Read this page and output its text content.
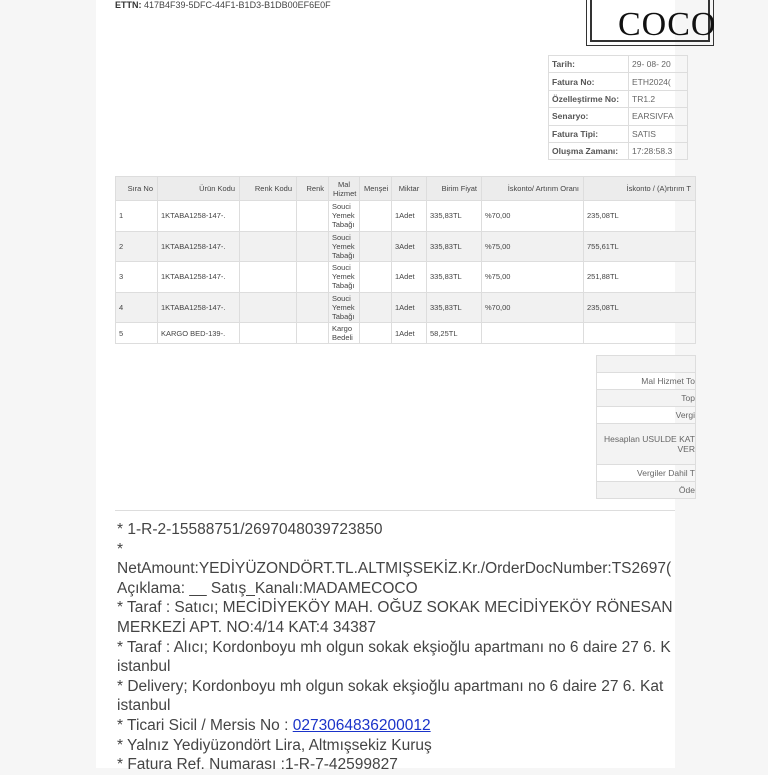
ETTN: 417B4F39-5DFC-44F1-B1D3-B1DB00EF6E0F
COCO
Tarih:	29- 08- 20
Fatura No:	ETH2024(
Özelleştirme No:	TR1.2
Senaryo:	EARSIVFA
Fatura Tipi:	SATIS
Oluşma Zamanı:	17:28:58.3
Sıra No	Ürün Kodu	Renk Kodu	Renk	Mal Hizmet	Menşei	Miktar	Birim Fiyat	İskonto/ Artırım Oranı	İskonto / (A)rtırım T
1	1KTABA1258-147-.			Souci Yemek Tabağı		1Adet	335,83TL	%70,00	235,08TL
2	1KTABA1258-147-.			Souci Yemek Tabağı		3Adet	335,83TL	%75,00	755,61TL
3	1KTABA1258-147-.			Souci Yemek Tabağı		1Adet	335,83TL	%75,00	251,88TL
4	1KTABA1258-147-.			Souci Yemek Tabağı		1Adet	335,83TL	%70,00	235,08TL
5	KARGO BED-139-.			Kargo Bedeli		1Adet	58,25TL		

Mal Hizmet To
Top
Vergi
Hesaplan USULDE KAT VER
Vergiler Dahil T
Öde
* 1-R-2-15588751/2697048039723850
*
NetAmount:YEDİYÜZONDÖRT.TL.ALTMIŞSEKİZ.Kr./OrderDocNumber:TS2697(
Açıklama: __ Satış_Kanalı:MADAMECOCO
* Taraf : Satıcı; MECİDİYEKÖY MAH. OĞUZ SOKAK MECİDİYEKÖY RÖNESAN
MERKEZİ APT. NO:4/14 KAT:4 34387
* Taraf : Alıcı; Kordonboyu mh olgun sokak ekşioğlu apartmanı no 6 daire 27 6. K
istanbul
* Delivery; Kordonboyu mh olgun sokak ekşioğlu apartmanı no 6 daire 27 6. Kat
istanbul
* Ticari Sicil / Mersis No : 0273064836200012
* Yalnız Yediyüzondört Lira, Altmışsekiz Kuruş
* Fatura Ref. Numarası :1-R-7-42599827
